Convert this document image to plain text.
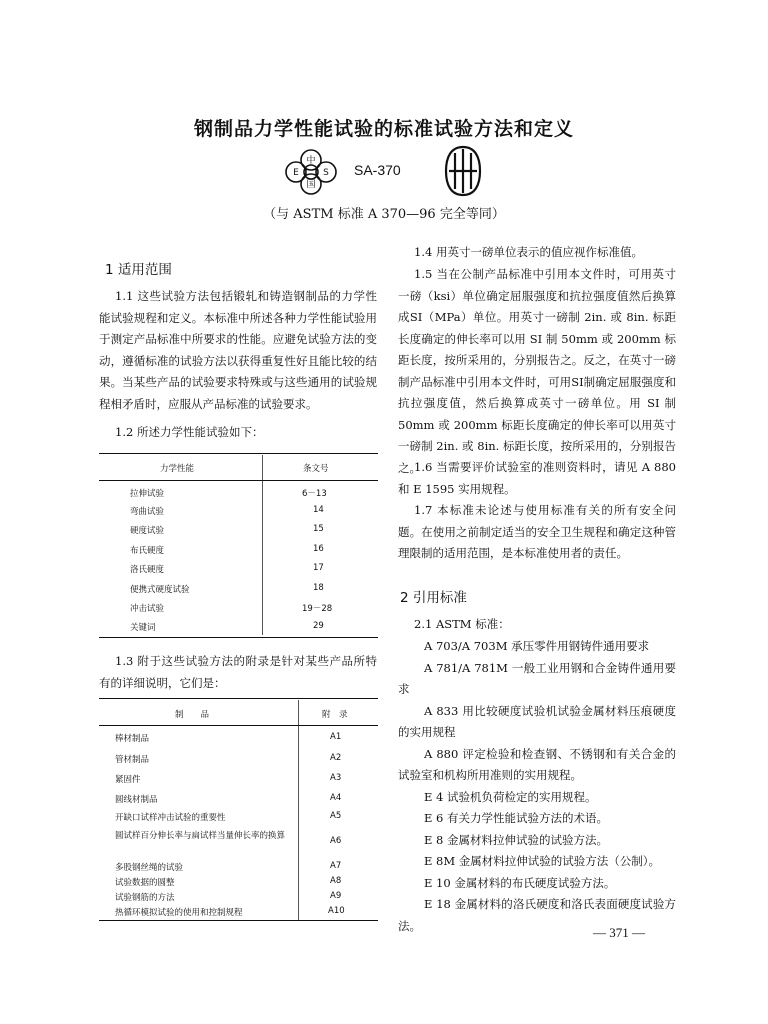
钢制品力学性能试验的标准试验方法和定义
中
E	S
国
SA-370
（与 ASTM 标准 A 370—96 完全等同）
1 适用范围
1.1 这些试验方法包括锻轧和铸造钢制品的力学性能试验规程和定义。本标准中所述各种力学性能试验用于测定产品标准中所要求的性能。应避免试验方法的变动，遵循标准的试验方法以获得重复性好且能比较的结果。当某些产品的试验要求特殊或与这些通用的试验规程相矛盾时，应服从产品标准的试验要求。
1.2 所述力学性能试验如下：
力学性能	条文号
拉伸试验	6－13
弯曲试验	14
硬度试验	15
布氏硬度	16
洛氏硬度	17
便携式硬度试验	18
冲击试验	19－28
关键词	29
1.3 附于这些试验方法的附录是针对某些产品所特有的详细说明，它们是：
制　　品	附　录
棒材制品	A1
管材制品	A2
紧固件	A3
圆线材制品	A4
开缺口试样冲击试验的重要性	A5
圆试样百分伸长率与扁试样当量伸长率的换算	A6
多股钢丝绳的试验	A7
试验数据的圆整	A8
试验钢筋的方法	A9
热循环模拟试验的使用和控制规程	A10
1.4 用英寸一磅单位表示的值应视作标准值。
1.5 当在公制产品标准中引用本文件时，可用英寸一磅（ksi）单位确定屈服强度和抗拉强度值然后换算成SI（MPa）单位。用英寸一磅制 2in. 或 8in. 标距长度确定的伸长率可以用 SI 制 50mm 或 200mm 标距长度，按所采用的，分别报告之。反之，在英寸一磅制产品标准中引用本文件时，可用SI制确定屈服强度和抗拉强度值，然后换算成英寸一磅单位。用 SI 制 50mm 或 200mm 标距长度确定的伸长率可以用英寸一磅制 2in. 或 8in. 标距长度，按所采用的，分别报告之。
1.6 当需要评价试验室的准则资料时，请见 A 880 和 E 1595 实用规程。
1.7 本标准未论述与使用标准有关的所有安全问题。在使用之前制定适当的安全卫生规程和确定这种管理限制的适用范围，是本标准使用者的责任。
2 引用标准
2.1 ASTM 标准：
A 703/A 703M 承压零件用钢铸件通用要求
A 781/A 781M 一般工业用钢和合金铸件通用要求
A 833 用比较硬度试验机试验金属材料压痕硬度的实用规程
A 880 评定检验和检查钢、不锈钢和有关合金的试验室和机构所用准则的实用规程。
E 4 试验机负荷检定的实用规程。
E 6 有关力学性能试验方法的术语。
E 8 金属材料拉伸试验的试验方法。
E 8M 金属材料拉伸试验的试验方法（公制）。
E 10 金属材料的布氏硬度试验方法。
E 18 金属材料的洛氏硬度和洛氏表面硬度试验方法。	— 371 —
